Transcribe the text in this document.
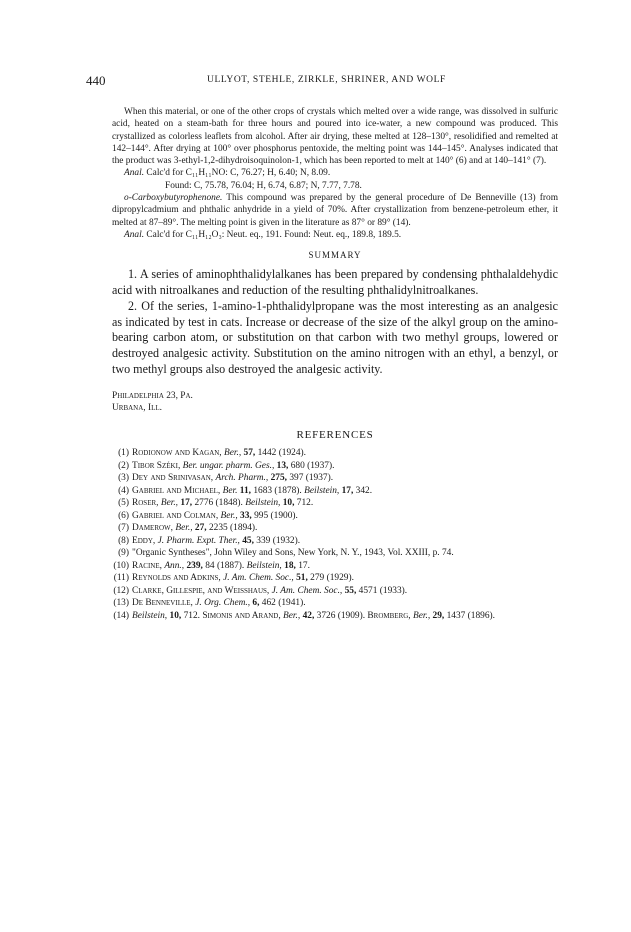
440	ULLYOT, STEHLE, ZIRKLE, SHRINER, AND WOLF

When this material, or one of the other crops of crystals which melted over a wide range, was dissolved in sulfuric acid, heated on a steam-bath for three hours and poured into ice-water, a new compound was produced. This crystallized as colorless leaflets from alcohol. After air drying, these melted at 128–130°, resolidified and remelted at 142–144°. After drying at 100° over phosphorus pentoxide, the melting point was 144–145°. Analyses indicated that the product was 3-ethyl-1,2-dihydroisoquinolon-1, which has been reported to melt at 140° (6) and at 140–141° (7).

Anal. Calc'd for C₁₁H₁₁NO: C, 76.27; H, 6.40; N, 8.09.
Found: C, 75.78, 76.04; H, 6.74, 6.87; N, 7.77, 7.78.

o-Carboxybutyrophenone. This compound was prepared by the general procedure of De Benneville (13) from dipropylcadmium and phthalic anhydride in a yield of 70%. After crystallization from benzene-petroleum ether, it melted at 87–89°. The melting point is given in the literature as 87° or 89° (14).

Anal. Calc'd for C₁₁H₁₂O₃: Neut. eq., 191. Found: Neut. eq., 189.8, 189.5.
SUMMARY

1. A series of aminophthalidylalkanes has been prepared by condensing phthalaldehydic acid with nitroalkanes and reduction of the resulting phthalidylnitroalkanes.

2. Of the series, 1-amino-1-phthalidylpropane was the most interesting as an analgesic as indicated by test in cats. Increase or decrease of the size of the alkyl group on the amino-bearing carbon atom, or substitution on that carbon with two methyl groups, lowered or destroyed analgesic activity. Substitution on the amino nitrogen with an ethyl, a benzyl, or two methyl groups also destroyed the analgesic activity.

Philadelphia 23, Pa.
Urbana, Ill.
REFERENCES
(1) Rodionow and Kagan, Ber., 57, 1442 (1924).
(2) Tibor Széki, Ber. ungar. pharm. Ges., 13, 680 (1937).
(3) Dey and Srinivasan, Arch. Pharm., 275, 397 (1937).
(4) Gabriel and Michael, Ber. 11, 1683 (1878). Beilstein, 17, 342.
(5) Roser, Ber., 17, 2776 (1848). Beilstein, 10, 712.
(6) Gabriel and Colman, Ber., 33, 995 (1900).
(7) Damerow, Ber., 27, 2235 (1894).
(8) Eddy, J. Pharm. Expt. Ther., 45, 339 (1932).
(9) "Organic Syntheses", John Wiley and Sons, New York, N. Y., 1943, Vol. XXIII, p. 74.
(10) Racine, Ann., 239, 84 (1887). Beilstein, 18, 17.
(11) Reynolds and Adkins, J. Am. Chem. Soc., 51, 279 (1929).
(12) Clarke, Gillespie, and Weisshaus, J. Am. Chem. Soc., 55, 4571 (1933).
(13) De Benneville, J. Org. Chem., 6, 462 (1941).
(14) Beilstein, 10, 712. Simonis and Arand, Ber., 42, 3726 (1909). Bromberg, Ber., 29, 1437 (1896).
